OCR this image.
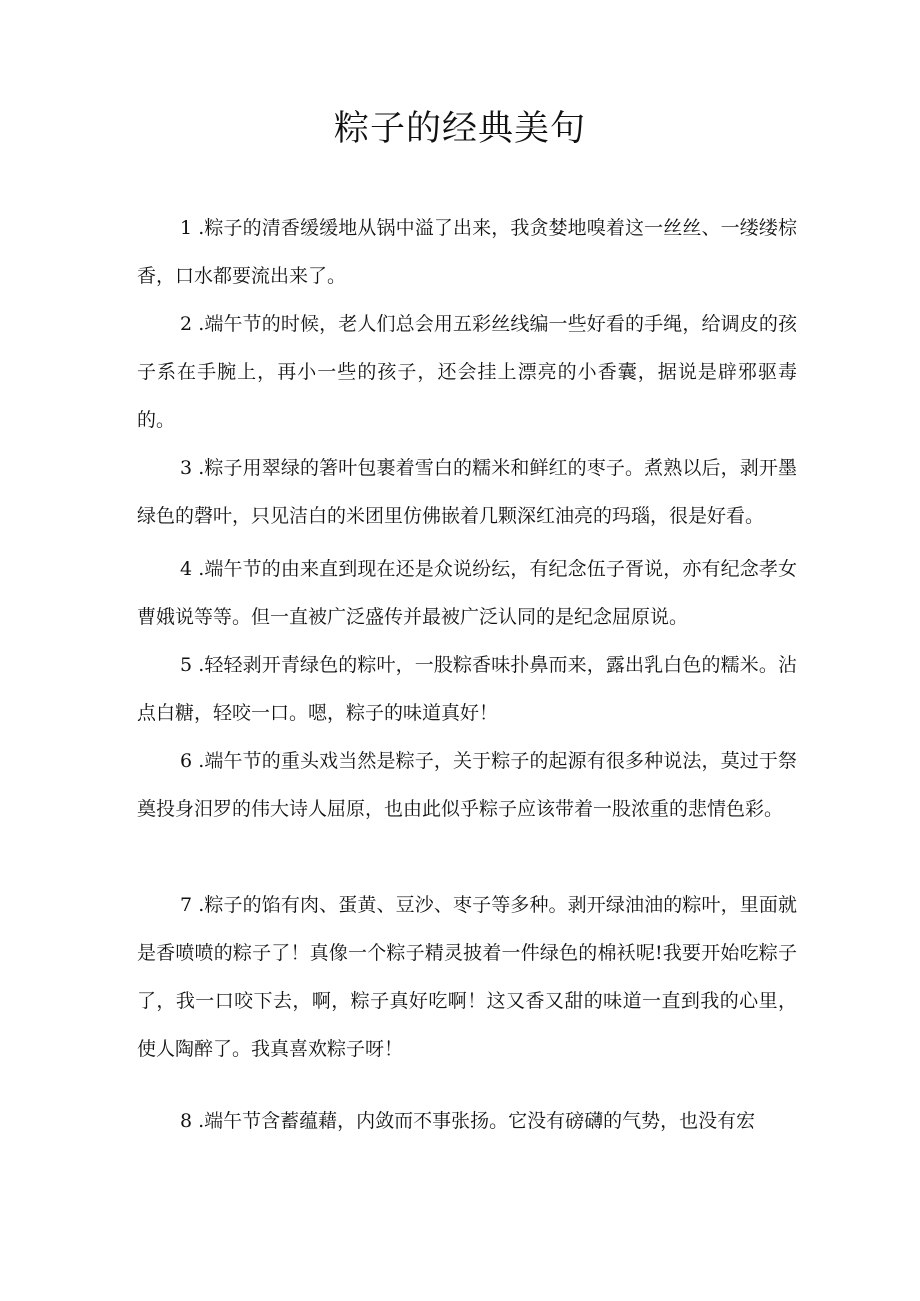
粽子的经典美句

1 .粽子的清香缓缓地从锅中溢了出来，我贪婪地嗅着这一丝丝、一缕缕棕香，口水都要流出来了。

2 .端午节的时候，老人们总会用五彩丝线编一些好看的手绳，给调皮的孩子系在手腕上，再小一些的孩子，还会挂上漂亮的小香囊，据说是辟邪驱毒的。

3 .粽子用翠绿的箸叶包裹着雪白的糯米和鲜红的枣子。煮熟以后，剥开墨绿色的磬叶，只见洁白的米团里仿佛嵌着几颗深红油亮的玛瑙，很是好看。

4 .端午节的由来直到现在还是众说纷纭，有纪念伍子胥说，亦有纪念孝女曹娥说等等。但一直被广泛盛传并最被广泛认同的是纪念屈原说。

5 .轻轻剥开青绿色的粽叶，一股粽香味扑鼻而来，露出乳白色的糯米。沾点白糖，轻咬一口。嗯，粽子的味道真好！

6 .端午节的重头戏当然是粽子，关于粽子的起源有很多种说法，莫过于祭奠投身汨罗的伟大诗人屈原，也由此似乎粽子应该带着一股浓重的悲情色彩。

7 .粽子的馅有肉、蛋黄、豆沙、枣子等多种。剥开绿油油的粽叶，里面就是香喷喷的粽子了！真像一个粽子精灵披着一件绿色的棉袄呢!我要开始吃粽子了，我一口咬下去，啊，粽子真好吃啊！这又香又甜的味道一直到我的心里，使人陶醉了。我真喜欢粽子呀！

8 .端午节含蓄蕴藉，内敛而不事张扬。它没有磅礴的气势，也没有宏
